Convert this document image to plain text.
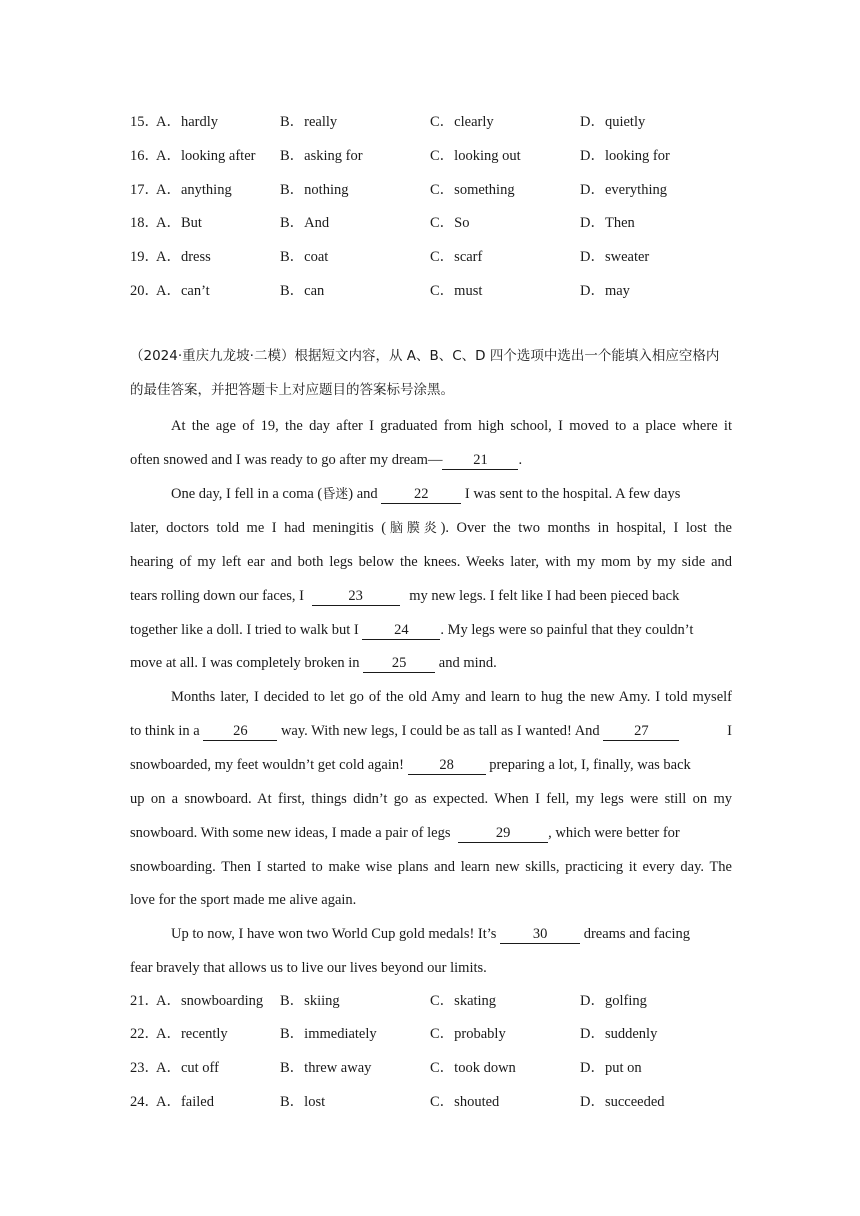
15．
A．hardly	B．really	C．clearly	D．quietly
16．
A．looking after B．asking for	C．looking out	D．looking for
17．
A．anything	B．nothing	C．something	D．everything
18．
A．But	B．And	C．So	D．Then
19．
A．dress	B．coat	C．scarf	D．sweater
20．
A．can’t	B．can	C．must	D．may
（2024·重庆九龙坡·二模）根据短文内容，从 A、B、C、D 四个选项中选出一个能填入相应空格内的最佳答案，并把答题卡上对应题目的答案标号涂黑。
At the age of 19, the day after I graduated from high school, I moved to a place where it
often snowed and I was ready to go after my dream— 21 .
One day, I fell in a coma (昏迷) and	22	I was sent to the hospital. A few days
later, doctors told me I had meningitis (脑膜炎). Over the two months in hospital, I lost the
hearing of my left ear and both legs below the knees. Weeks later, with my mom by my side and
tears rolling down our faces, I	23	my new legs. I felt like I had been pieced back
together like a doll. I tried to walk but I 24 . My legs were so painful that they couldn’t
move at all. I was completely broken in 25 and mind.
Months later, I decided to let go of the old Amy and learn to hug the new Amy. I told myself
to think in a 26 way. With new legs, I could be as tall as I wanted! And 27	I
snowboarded, my feet wouldn’t get cold again! 28 preparing a lot, I, finally, was back
up on a snowboard. At first, things didn’t go as expected. When I fell, my legs were still on my
snowboard. With some new ideas, I made a pair of legs	29	, which were better for
snowboarding. Then I started to make wise plans and learn new skills, practicing it every day. The
love for the sport made me alive again.
Up to now, I have won two World Cup gold medals! It’s	30	dreams and facing
fear bravely that allows us to live our lives beyond our limits.
21．
A．snowboarding B．skiing	C．skating	D．golfing
22．
A．recently	B．immediately	C．probably	D．suddenly
23．
A．cut off	B．threw away	C．took down	D．put on
24．
A．failed	B．lost	C．shouted	D．succeeded
